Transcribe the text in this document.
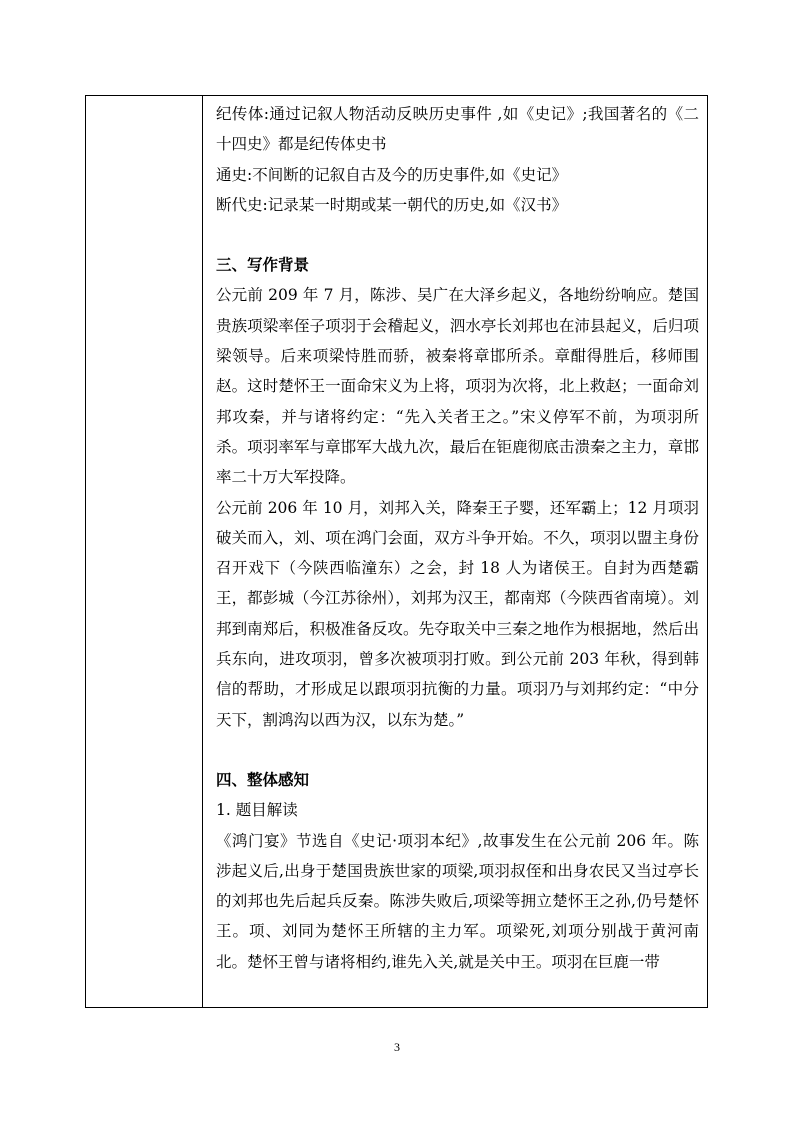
纪传体:通过记叙人物活动反映历史事件 ,如《史记》;我国著名的《二十四史》都是纪传体史书

通史:不间断的记叙自古及今的历史事件,如《史记》

断代史:记录某一时期或某一朝代的历史,如《汉书》

三、写作背景

公元前 209 年 7 月，陈涉、吴广在大泽乡起义，各地纷纷响应。楚国贵族项梁率侄子项羽于会稽起义，泗水亭长刘邦也在沛县起义，后归项梁领导。后来项梁恃胜而骄，被秦将章邯所杀。章酣得胜后，移师围赵。这时楚怀王一面命宋义为上将，项羽为次将，北上救赵；一面命刘邦攻秦，并与诸将约定：“先入关者王之。”宋义停军不前，为项羽所杀。项羽率军与章邯军大战九次，最后在钜鹿彻底击溃秦之主力，章邯率二十万大军投降。

公元前 206 年 10 月，刘邦入关，降秦王子婴，还军霸上；12 月项羽破关而入，刘、项在鸿门会面，双方斗争开始。不久，项羽以盟主身份召开戏下（今陕西临潼东）之会，封 18 人为诸侯王。自封为西楚霸王，都彭城（今江苏徐州），刘邦为汉王，都南郑（今陕西省南境）。刘邦到南郑后，积极准备反攻。先夺取关中三秦之地作为根据地，然后出兵东向，进攻项羽，曾多次被项羽打败。到公元前 203 年秋，得到韩信的帮助，才形成足以跟项羽抗衡的力量。项羽乃与刘邦约定：“中分天下，割鸿沟以西为汉，以东为楚。”

四、整体感知

1. 题目解读

《鸿门宴》节选自《史记·项羽本纪》,故事发生在公元前 206 年。陈涉起义后,出身于楚国贵族世家的项梁,项羽叔侄和出身农民又当过亭长的刘邦也先后起兵反秦。陈涉失败后,项梁等拥立楚怀王之孙,仍号楚怀王。项、刘同为楚怀王所辖的主力军。项梁死,刘项分别战于黄河南北。楚怀王曾与诸将相约,谁先入关,就是关中王。项羽在巨鹿一带

3
